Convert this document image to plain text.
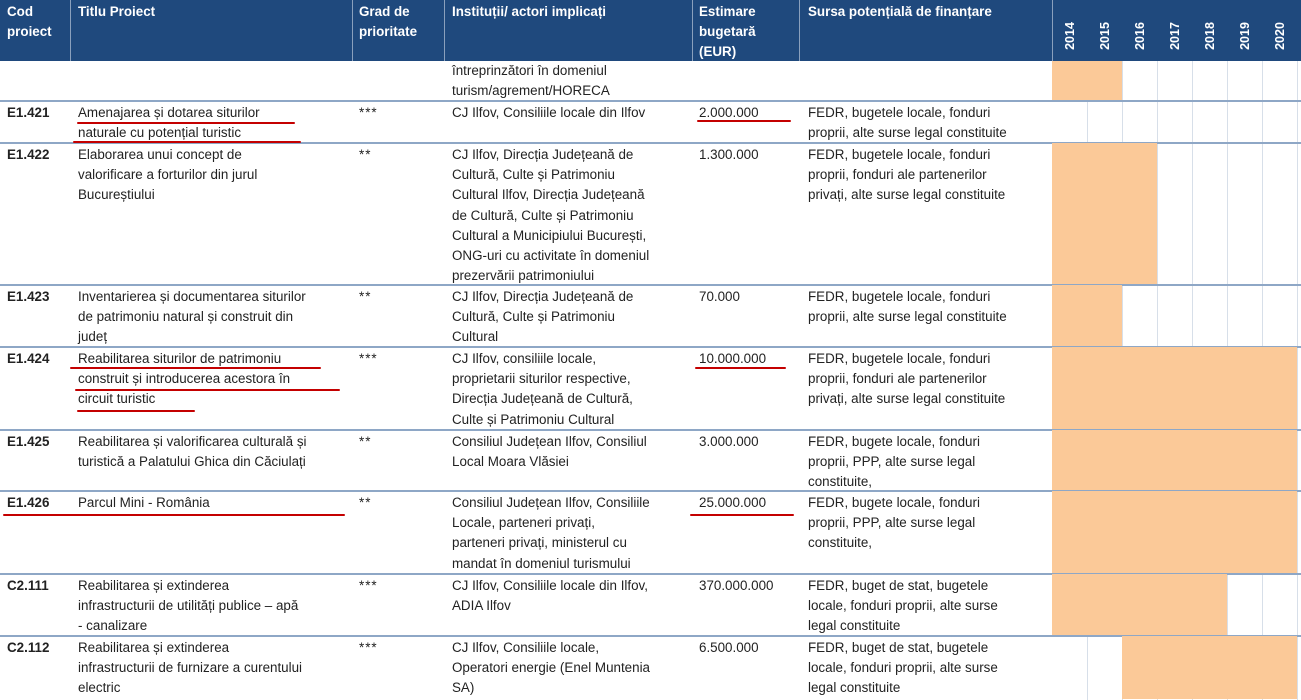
Cod
proiect
Titlu Proiect	Grad de
prioritate
Instituții/ actori implicați	Estimare
bugetară
(EUR)
Sursa potențială de finanțare
2014 2015 2016 2017 2018 2019 2020
întreprinzători în domeniul
turism/agrement/HORECA
E1.421 Amenajarea și dotarea siturilor
naturale cu potențial turistic
***	CJ Ilfov, Consiliile locale din Ilfov	2.000.000	FEDR, bugetele locale, fonduri
proprii, alte surse legal constituite
E1.422 Elaborarea unui concept de
valorificare a forturilor din jurul
Bucureștiului
**	CJ Ilfov, Direcția Județeană de
Cultură, Culte și Patrimoniu
Cultural Ilfov, Direcția Județeană
de Cultură, Culte și Patrimoniu
Cultural a Municipiului București,
ONG-uri cu activitate în domeniul
prezervării patrimoniului
1.300.000	FEDR, bugetele locale, fonduri
proprii, fonduri ale partenerilor
privați, alte surse legal constituite
E1.423 Inventarierea și documentarea siturilor
de patrimoniu natural și construit din
județ
**	CJ Ilfov, Direcția Județeană de
Cultură, Culte și Patrimoniu
Cultural
70.000	FEDR, bugetele locale, fonduri
proprii, alte surse legal constituite
E1.424 Reabilitarea siturilor de patrimoniu
construit și introducerea acestora în
circuit turistic
***	CJ Ilfov, consiliile locale,
proprietarii siturilor respective,
Direcția Județeană de Cultură,
Culte și Patrimoniu Cultural
10.000.000	FEDR, bugetele locale, fonduri
proprii, fonduri ale partenerilor
privați, alte surse legal constituite
E1.425 Reabilitarea și valorificarea culturală și
turistică a Palatului Ghica din Căciulați
**	Consiliul Județean Ilfov, Consiliul
Local Moara Vlăsiei
3.000.000	FEDR, bugete locale, fonduri
proprii, PPP, alte surse legal
constituite,
E1.426 Parcul Mini - România	**	Consiliul Județean Ilfov, Consiliile
Locale, parteneri privați,
parteneri privați, ministerul cu
mandat în domeniul turismului
25.000.000	FEDR, bugete locale, fonduri
proprii, PPP, alte surse legal
constituite,
C2.111 Reabilitarea și extinderea
infrastructurii de utilități publice – apă
- canalizare
***	CJ Ilfov, Consiliile locale din Ilfov,
ADIA Ilfov
370.000.000	FEDR, buget de stat, bugetele
locale, fonduri proprii, alte surse
legal constituite
C2.112 Reabilitarea și extinderea
infrastructurii de furnizare a curentului
electric
***	CJ Ilfov, Consiliile locale,
Operatori energie (Enel Muntenia
SA)
6.500.000	FEDR, buget de stat, bugetele
locale, fonduri proprii, alte surse
legal constituite
